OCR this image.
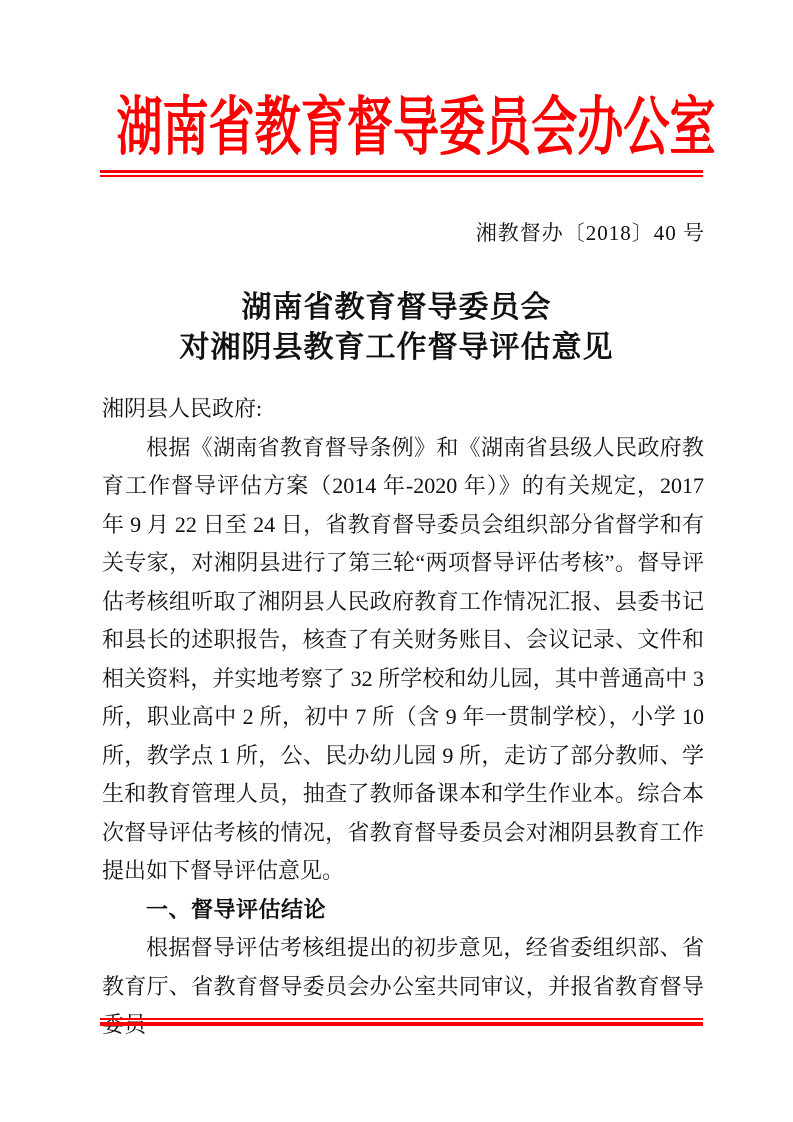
湖南省教育督导委员会办公室
湘教督办〔2018〕40 号
湖南省教育督导委员会
对湘阴县教育工作督导评估意见

湘阴县人民政府:

根据《湖南省教育督导条例》和《湖南省县级人民政府教育工作督导评估方案（2014 年-2020 年）》的有关规定，2017 年 9 月 22 日至 24 日，省教育督导委员会组织部分省督学和有关专家，对湘阴县进行了第三轮“两项督导评估考核”。督导评估考核组听取了湘阴县人民政府教育工作情况汇报、县委书记和县长的述职报告，核查了有关财务账目、会议记录、文件和相关资料，并实地考察了 32 所学校和幼儿园，其中普通高中 3 所，职业高中 2 所，初中 7 所（含 9 年一贯制学校），小学 10 所，教学点 1 所，公、民办幼儿园 9 所，走访了部分教师、学生和教育管理人员，抽查了教师备课本和学生作业本。综合本次督导评估考核的情况，省教育督导委员会对湘阴县教育工作提出如下督导评估意见。

一、督导评估结论

根据督导评估考核组提出的初步意见，经省委组织部、省教育厅、省教育督导委员会办公室共同审议，并报省教育督导委员
